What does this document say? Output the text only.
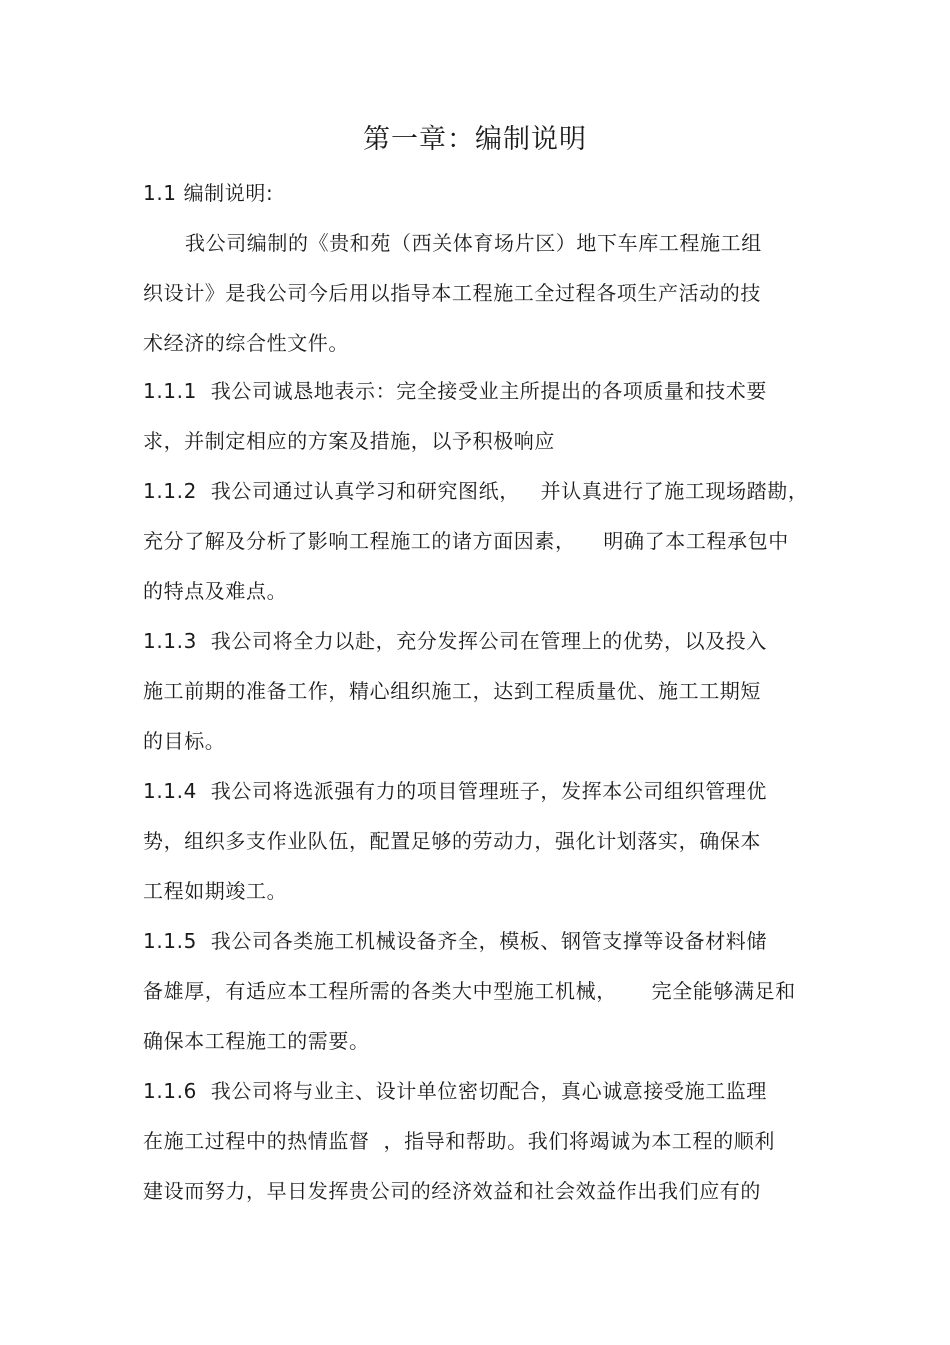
第一章：编制说明
1.1 编制说明:
我公司编制的《贵和苑（西关体育场片区）地下车库工程施工组
织设计》是我公司今后用以指导本工程施工全过程各项生产活动的技
术经济的综合性文件。
1.1.1  我公司诚恳地表示：完全接受业主所提出的各项质量和技术要
求，并制定相应的方案及措施，以予积极响应
1.1.2  我公司通过认真学习和研究图纸，   并认真进行了施工现场踏勘，
充分了解及分析了影响工程施工的诸方面因素，    明确了本工程承包中
的特点及难点。
1.1.3  我公司将全力以赴，充分发挥公司在管理上的优势，以及投入
施工前期的准备工作，精心组织施工，达到工程质量优、施工工期短
的目标。
1.1.4  我公司将选派强有力的项目管理班子，发挥本公司组织管理优
势，组织多支作业队伍，配置足够的劳动力，强化计划落实，确保本
工程如期竣工。
1.1.5  我公司各类施工机械设备齐全，模板、钢管支撑等设备材料储
备雄厚，有适应本工程所需的各类大中型施工机械，     完全能够满足和
确保本工程施工的需要。
1.1.6  我公司将与业主、设计单位密切配合，真心诚意接受施工监理
在施工过程中的热情监督  ，指导和帮助。我们将竭诚为本工程的顺利
建设而努力，早日发挥贵公司的经济效益和社会效益作出我们应有的
